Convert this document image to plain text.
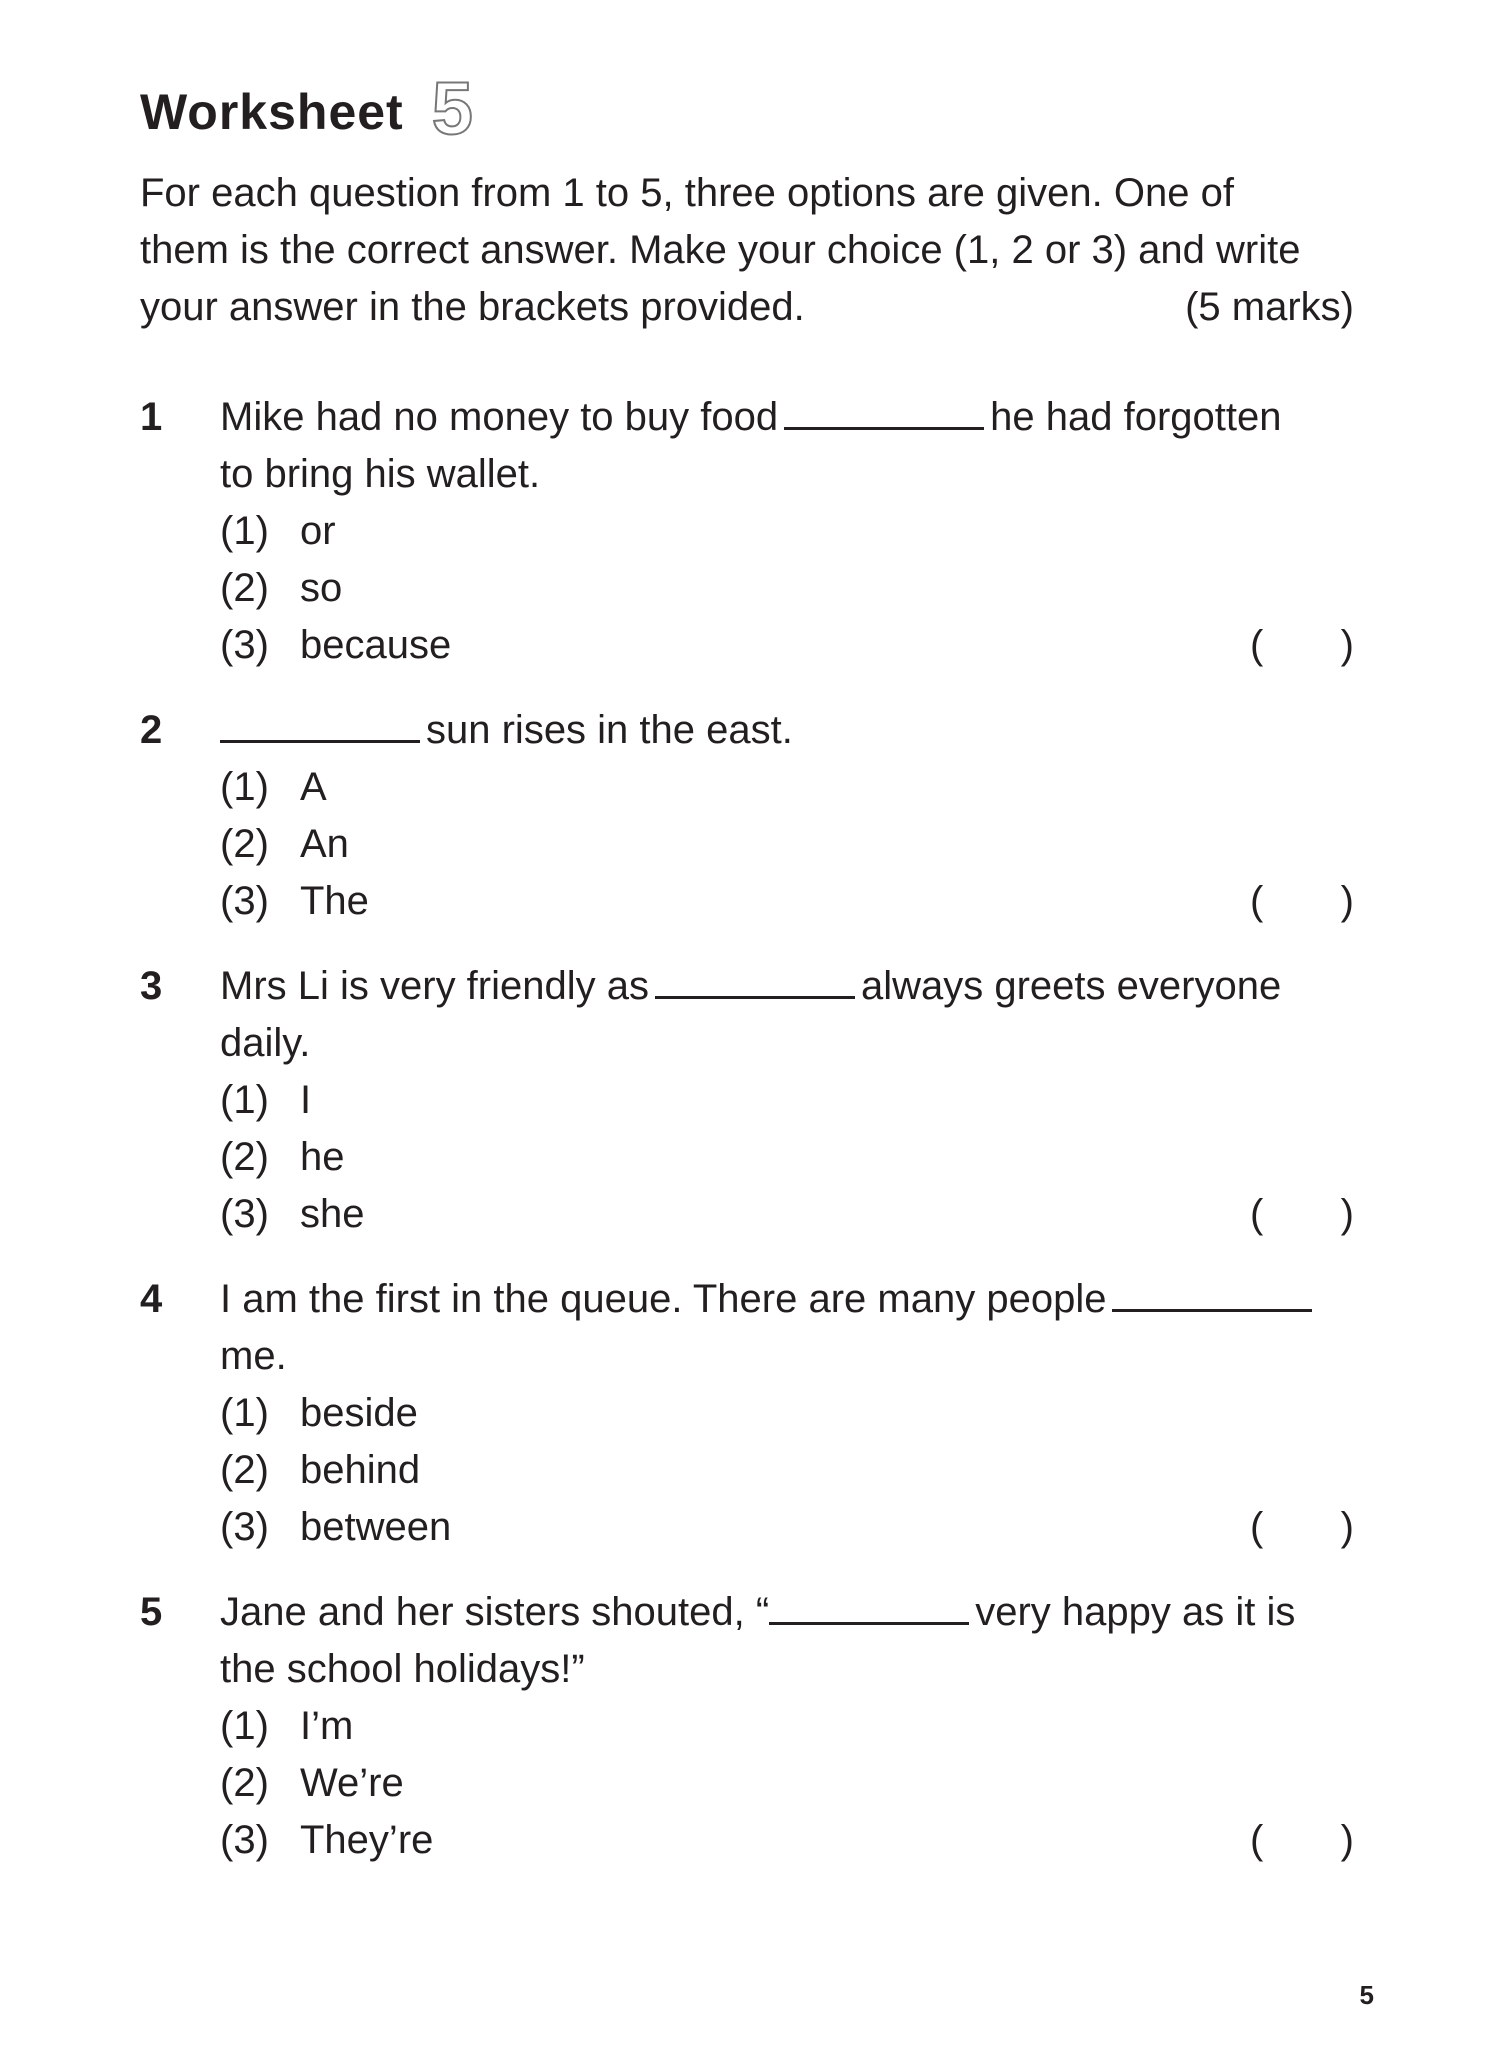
Worksheet 5
For each question from 1 to 5, three options are given. One of
them is the correct answer. Make your choice (1, 2 or 3) and write
your answer in the brackets provided.	(5 marks)
1 Mike had no money to buy food	he had forgotten
to bring his wallet.
(1) or
(2) so
(3) because	( )
2	sun rises in the east.
(1) A
(2) An
(3) The	( )
3 Mrs Li is very friendly as	always greets everyone
daily.
(1) I
(2) he
(3) she	( )
4 I am the first in the queue. There are many people
me.
(1) beside
(2) behind
(3) between	( )
5 Jane and her sisters shouted, “	very happy as it is
the school holidays!”
(1) I’m
(2) We’re
(3) They’re	( )
5
